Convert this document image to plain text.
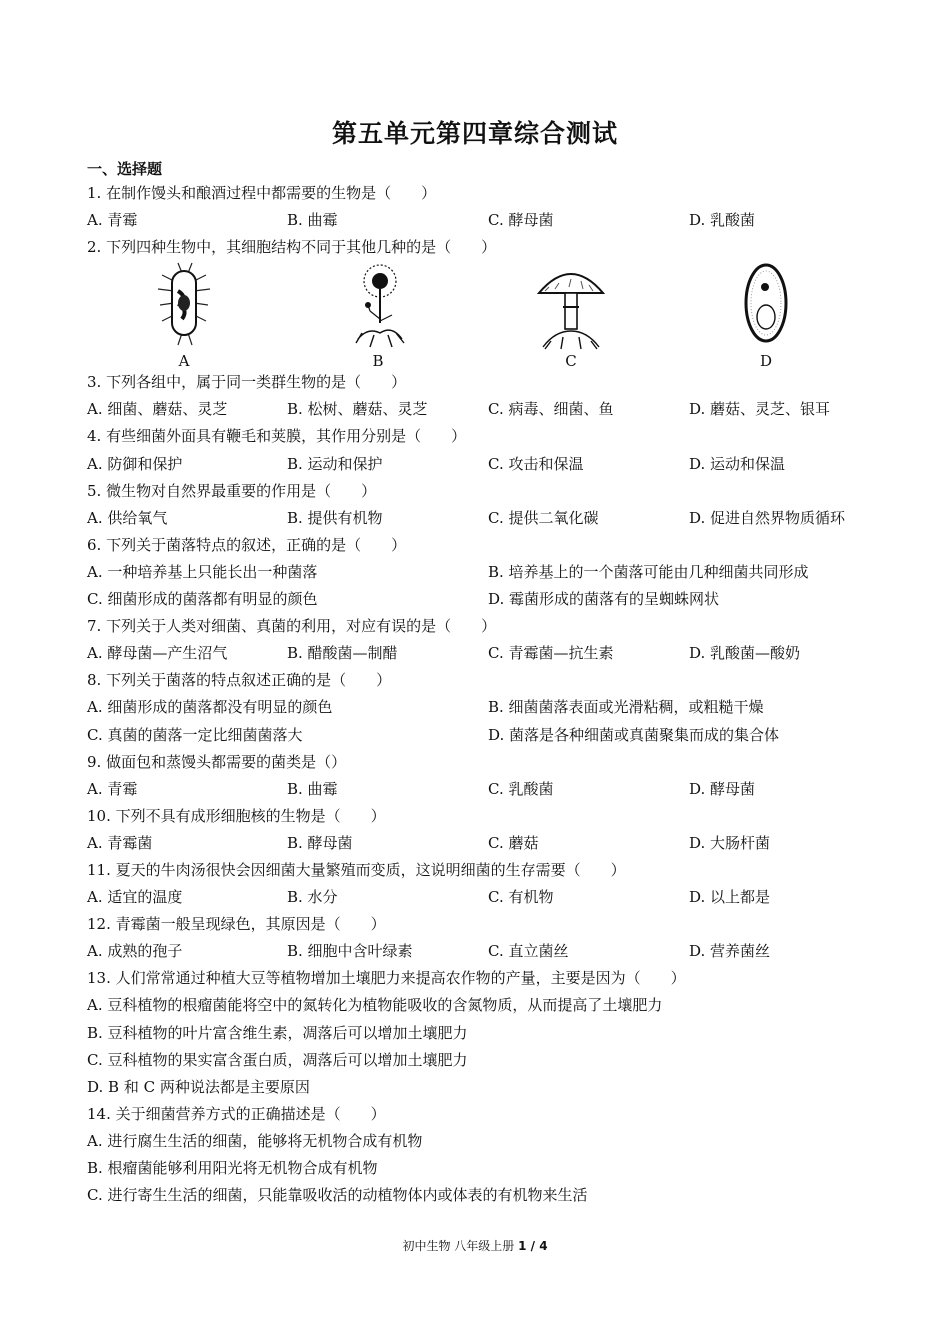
第五单元第四章综合测试
一、选择题
1. 在制作馒头和酿酒过程中都需要的生物是（　　）
A. 青霉	B. 曲霉	C. 酵母菌	D. 乳酸菌
2. 下列四种生物中，其细胞结构不同于其他几种的是（　　）
A	B	C	D
3. 下列各组中，属于同一类群生物的是（　　）
A. 细菌、蘑菇、灵芝	B. 松树、蘑菇、灵芝	C. 病毒、细菌、鱼	D. 蘑菇、灵芝、银耳
4. 有些细菌外面具有鞭毛和荚膜，其作用分别是（　　）
A. 防御和保护	B. 运动和保护	C. 攻击和保温	D. 运动和保温
5. 微生物对自然界最重要的作用是（　　）
A. 供给氧气	B. 提供有机物	C. 提供二氧化碳	D. 促进自然界物质循环
6. 下列关于菌落特点的叙述，正确的是（　　）
A. 一种培养基上只能长出一种菌落	B. 培养基上的一个菌落可能由几种细菌共同形成
C. 细菌形成的菌落都有明显的颜色	D. 霉菌形成的菌落有的呈蜘蛛网状
7. 下列关于人类对细菌、真菌的利用，对应有误的是（　　）
A. 酵母菌—产生沼气	B. 醋酸菌—制醋	C. 青霉菌—抗生素	D. 乳酸菌—酸奶
8. 下列关于菌落的特点叙述正确的是（　　）
A. 细菌形成的菌落都没有明显的颜色	B. 细菌菌落表面或光滑粘稠，或粗糙干燥
C. 真菌的菌落一定比细菌菌落大	D. 菌落是各种细菌或真菌聚集而成的集合体
9. 做面包和蒸馒头都需要的菌类是（）
A. 青霉	B. 曲霉	C. 乳酸菌	D. 酵母菌
10. 下列不具有成形细胞核的生物是（　　）
A. 青霉菌	B. 酵母菌	C. 蘑菇	D. 大肠杆菌
11. 夏天的牛肉汤很快会因细菌大量繁殖而变质，这说明细菌的生存需要（　　）
A. 适宜的温度	B. 水分	C. 有机物	D. 以上都是
12. 青霉菌一般呈现绿色，其原因是（　　）
A. 成熟的孢子	B. 细胞中含叶绿素	C. 直立菌丝	D. 营养菌丝
13. 人们常常通过种植大豆等植物增加土壤肥力来提高农作物的产量，主要是因为（　　）
A. 豆科植物的根瘤菌能将空中的氮转化为植物能吸收的含氮物质，从而提高了土壤肥力
B. 豆科植物的叶片富含维生素，凋落后可以增加土壤肥力
C. 豆科植物的果实富含蛋白质，凋落后可以增加土壤肥力
D. B 和 C 两种说法都是主要原因
14. 关于细菌营养方式的正确描述是（　　）
A. 进行腐生生活的细菌，能够将无机物合成有机物
B. 根瘤菌能够利用阳光将无机物合成有机物
C. 进行寄生生活的细菌，只能靠吸收活的动植物体内或体表的有机物来生活
初中生物 八年级上册 1 / 4
